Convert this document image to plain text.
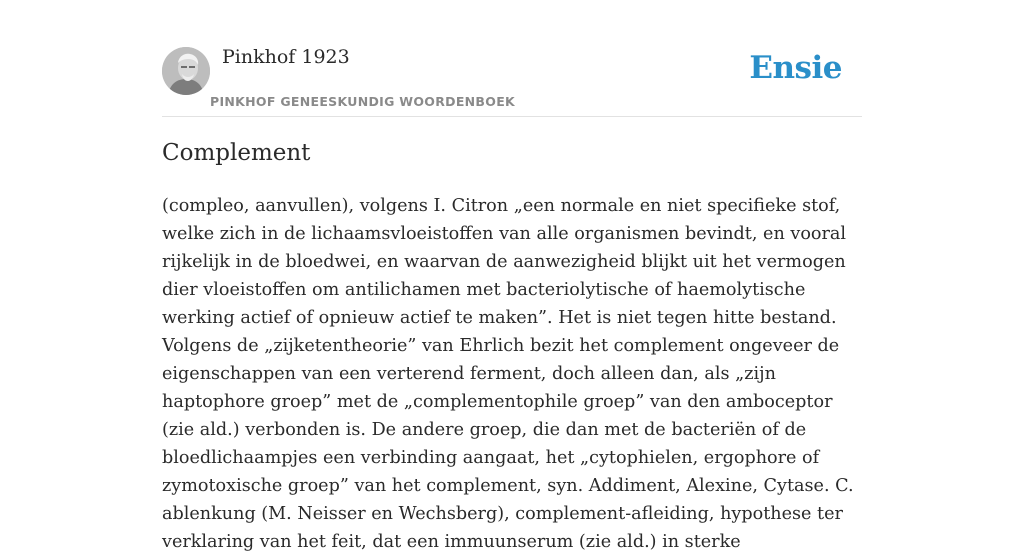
Pinkhof 1923
PINKHOF GENEESKUNDIG WOORDENBOEK
Ensie
Complement

(compleo, aanvullen), volgens I. Citron „een normale en niet specifieke stof, welke zich in de lichaamsvloeistoffen van alle organismen bevindt, en vooral rijkelijk in de bloedwei, en waarvan de aanwezigheid blijkt uit het vermogen dier vloeistoffen om antilichamen met bacteriolytische of haemolytische werking actief of opnieuw actief te maken”. Het is niet tegen hitte bestand. Volgens de „zijketentheorie” van Ehrlich bezit het complement ongeveer de eigenschappen van een verterend ferment, doch alleen dan, als „zijn haptophore groep” met de „complementophile groep” van den amboceptor (zie ald.) verbonden is. De andere groep, die dan met de bacteriën of de bloedlichaampjes een verbinding aangaat, het „cytophielen, ergophore of zymotoxische groep” van het complement, syn. Addiment, Alexine, Cytase. C. ablenkung (M. Neisser en Wechsberg), complement-afleiding, hypothese ter verklaring van het feit, dat een immuunserum (zie ald.) in sterke
